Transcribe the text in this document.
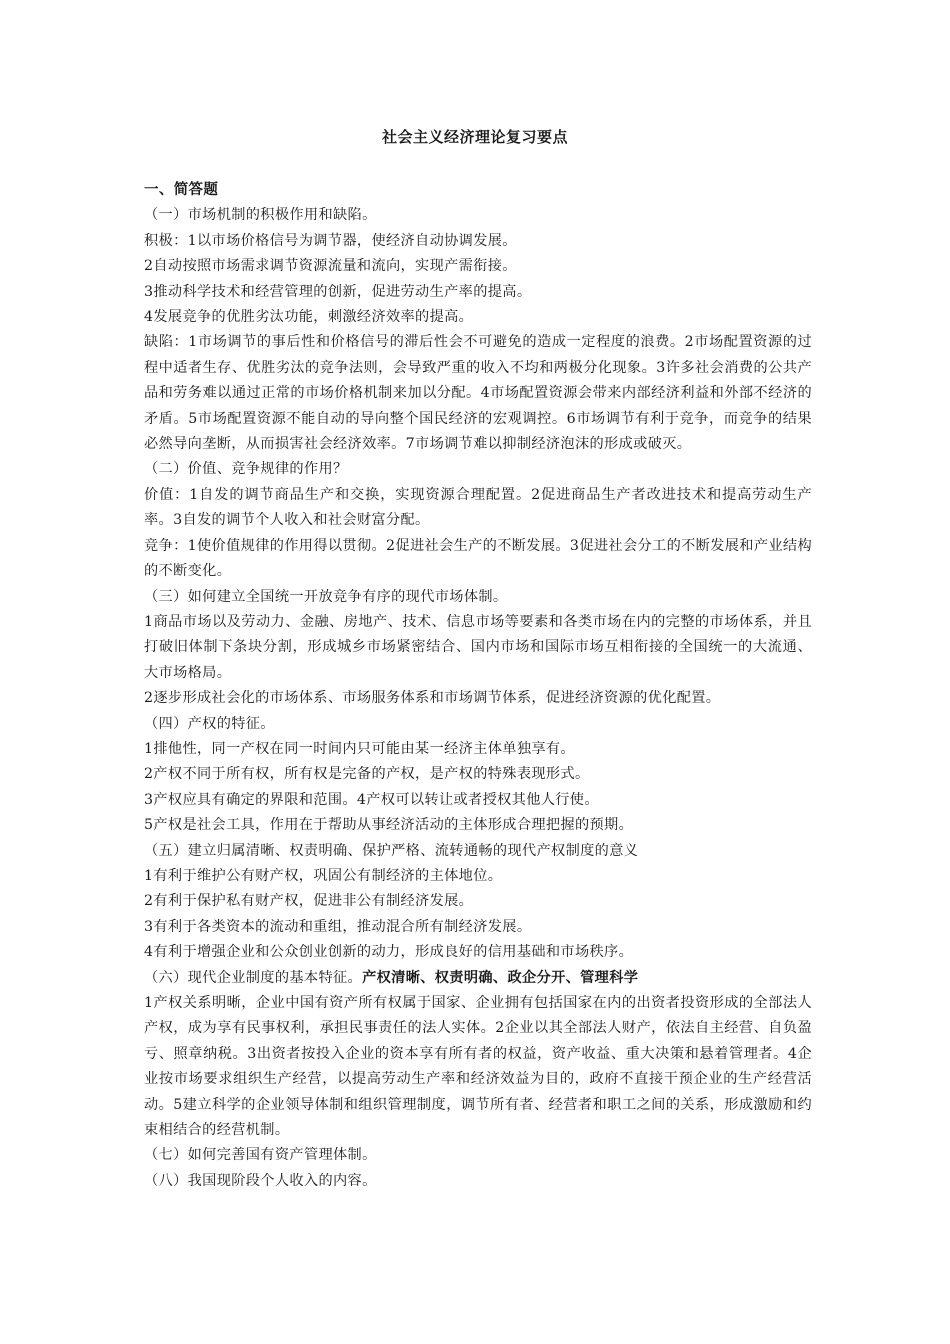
社会主义经济理论复习要点

一、简答题

（一）市场机制的积极作用和缺陷。

积极：1以市场价格信号为调节器，使经济自动协调发展。

2自动按照市场需求调节资源流量和流向，实现产需衔接。

3推动科学技术和经营管理的创新，促进劳动生产率的提高。

4发展竞争的优胜劣汰功能，刺激经济效率的提高。

缺陷：1市场调节的事后性和价格信号的滞后性会不可避免的造成一定程度的浪费。2市场配置资源的过程中适者生存、优胜劣汰的竞争法则，会导致严重的收入不均和两极分化现象。3许多社会消费的公共产品和劳务难以通过正常的市场价格机制来加以分配。4市场配置资源会带来内部经济利益和外部不经济的矛盾。5市场配置资源不能自动的导向整个国民经济的宏观调控。6市场调节有利于竞争，而竞争的结果必然导向垄断，从而损害社会经济效率。7市场调节难以抑制经济泡沫的形成或破灭。

（二）价值、竞争规律的作用？

价值：1自发的调节商品生产和交换，实现资源合理配置。2促进商品生产者改进技术和提高劳动生产率。3自发的调节个人收入和社会财富分配。

竞争：1使价值规律的作用得以贯彻。2促进社会生产的不断发展。3促进社会分工的不断发展和产业结构的不断变化。

（三）如何建立全国统一开放竞争有序的现代市场体制。

1商品市场以及劳动力、金融、房地产、技术、信息市场等要素和各类市场在内的完整的市场体系，并且打破旧体制下条块分割，形成城乡市场紧密结合、国内市场和国际市场互相衔接的全国统一的大流通、大市场格局。

2逐步形成社会化的市场体系、市场服务体系和市场调节体系，促进经济资源的优化配置。

（四）产权的特征。

1排他性，同一产权在同一时间内只可能由某一经济主体单独享有。

2产权不同于所有权，所有权是完备的产权，是产权的特殊表现形式。

3产权应具有确定的界限和范围。4产权可以转让或者授权其他人行使。

5产权是社会工具，作用在于帮助从事经济活动的主体形成合理把握的预期。

（五）建立归属清晰、权责明确、保护严格、流转通畅的现代产权制度的意义

1有利于维护公有财产权，巩固公有制经济的主体地位。

2有利于保护私有财产权，促进非公有制经济发展。

3有利于各类资本的流动和重组，推动混合所有制经济发展。

4有利于增强企业和公众创业创新的动力，形成良好的信用基础和市场秩序。

（六）现代企业制度的基本特征。产权清晰、权责明确、政企分开、管理科学

1产权关系明晰，企业中国有资产所有权属于国家、企业拥有包括国家在内的出资者投资形成的全部法人产权，成为享有民事权利，承担民事责任的法人实体。2企业以其全部法人财产，依法自主经营、自负盈亏、照章纳税。3出资者按投入企业的资本享有所有者的权益，资产收益、重大决策和悬着管理者。4企业按市场要求组织生产经营，以提高劳动生产率和经济效益为目的，政府不直接干预企业的生产经营活动。5建立科学的企业领导体制和组织管理制度，调节所有者、经营者和职工之间的关系，形成激励和约束相结合的经营机制。

（七）如何完善国有资产管理体制。

（八）我国现阶段个人收入的内容。
